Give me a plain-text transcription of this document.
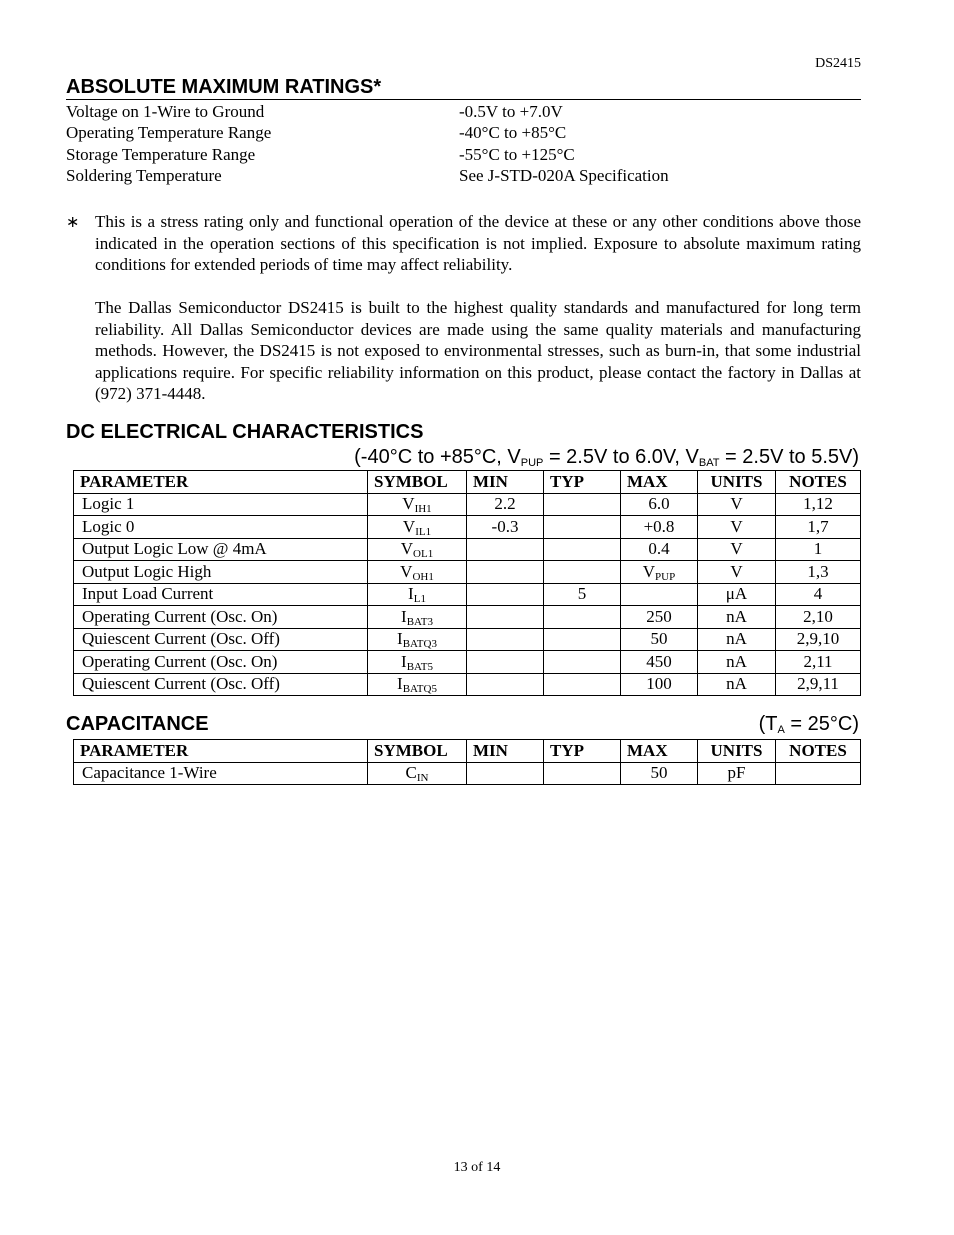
DS2415
ABSOLUTE MAXIMUM RATINGS*
Voltage on 1-Wire to Ground	-0.5V to +7.0V
Operating Temperature Range	-40°C to +85°C
Storage Temperature Range	-55°C to +125°C
Soldering Temperature	See J-STD-020A Specification
∗ This is a stress rating only and functional operation of the device at these or any other conditions above those indicated in the operation sections of this specification is not implied. Exposure to absolute maximum rating conditions for extended periods of time may affect reliability.
The Dallas Semiconductor DS2415 is built to the highest quality standards and manufactured for long term reliability. All Dallas Semiconductor devices are made using the same quality materials and manufacturing methods. However, the DS2415 is not exposed to environmental stresses, such as burn-in, that some industrial applications require. For specific reliability information on this product, please contact the factory in Dallas at (972) 371-4448.
DC ELECTRICAL CHARACTERISTICS
(-40°C to +85°C, $V_{PUP} = 2.5V$ to 6.0V, $V_{BAT} = 2.5V$ to 5.5V)
PARAMETER	SYMBOL	MIN	TYP	MAX	UNITS	NOTES
Logic 1	$V_{IH1}$	2.2		6.0	V	1,12
Logic 0	$V_{IL1}$	-0.3		+0.8	V	1,7
Output Logic Low @ 4mA	$V_{OL1}$			0.4	V	1
Output Logic High	$V_{OH1}$			$V_{PUP}$	V	1,3
Input Load Current	$I_{L1}$		5		μA	4
Operating Current (Osc. On)	$I_{BAT3}$			250	nA	2,10
Quiescent Current (Osc. Off)	$I_{BATQ3}$			50	nA	2,9,10
Operating Current (Osc. On)	$I_{BAT5}$			450	nA	2,11
Quiescent Current (Osc. Off)	$I_{BATQ5}$			100	nA	2,9,11
CAPACITANCE	$(T_A = 25^\circ C)$
PARAMETER	SYMBOL	MIN	TYP	MAX	UNITS	NOTES
Capacitance 1-Wire	$C_{IN}$			50	pF	
13 of 14
